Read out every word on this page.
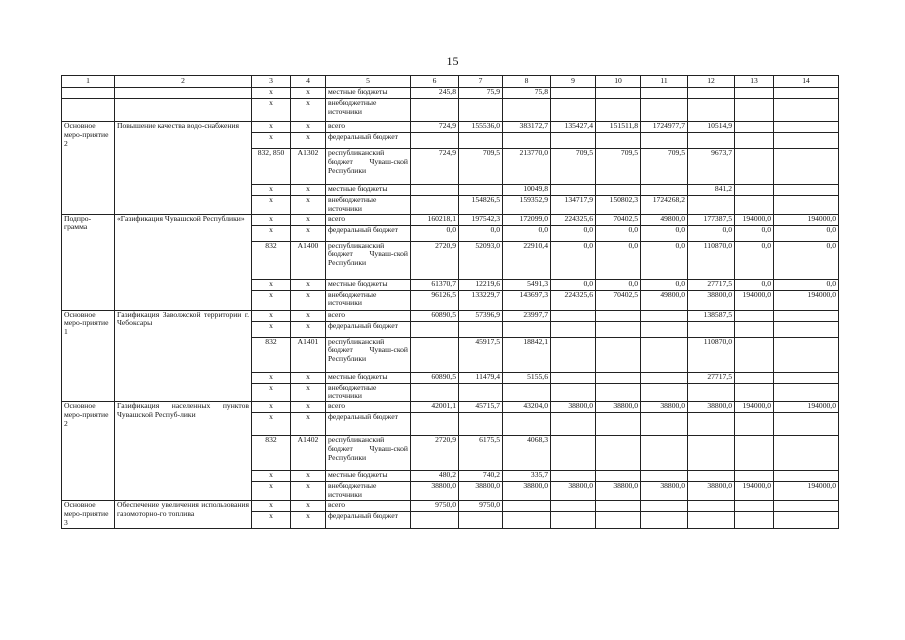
15
1	2	3	4	5	6	7	8	9	10	11	12	13	14
		x	x	местные бюджеты	245,8	75,9	75,8						
		x	x	внебюджетные источники									
Основное меро-приятие 2	Повышение качества водо-снабжения	x	x	всего	724,9	155536,0	383172,7	135427,4	151511,8	1724977,7	10514,9		
		x	x	федеральный бюджет									
		832, 850	А1302	республиканский бюджет Чуваш-ской Республики	724,9	709,5	213770,0	709,5	709,5	709,5	9673,7		
		x	x	местные бюджеты			10049,8				841,2		
		x	x	внебюджетные источники		154826,5	159352,9	134717,9	150802,3	1724268,2			
Подпро-грамма	«Газификация Чувашской Республики»	x	x	всего	160218,1	197542,3	172099,0	224325,6	70402,5	49800,0	177387,5	194000,0	194000,0
		x	x	федеральный бюджет	0,0	0,0	0,0	0,0	0,0	0,0	0,0	0,0	0,0
		832	А1400	республиканский бюджет Чуваш-ской Республики	2720,9	52093,0	22910,4	0,0	0,0	0,0	110870,0	0,0	0,0
		x	x	местные бюджеты	61370,7	12219,6	5491,3	0,0	0,0	0,0	27717,5	0,0	0,0
		x	x	внебюджетные источники	96126,5	133229,7	143697,3	224325,6	70402,5	49800,0	38800,0	194000,0	194000,0
Основное меро-приятие 1	Газификация Заволжской территории г. Чебоксары	x	x	всего	60890,5	57396,9	23997,7				138587,5		
		x	x	федеральный бюджет									
		832	А1401	республиканский бюджет Чуваш-ской Республики		45917,5	18842,1				110870,0		
		x	x	местные бюджеты	60890,5	11479,4	5155,6				27717,5		
		x	x	внебюджетные источники									
Основное меро-приятие 2	Газификация населенных пунктов Чувашской Респуб-лики	x	x	всего	42001,1	45715,7	43204,0	38800,0	38800,0	38800,0	38800,0	194000,0	194000,0
		x	x	федеральный бюджет									
		832	А1402	республиканский бюджет Чуваш-ской Республики	2720,9	6175,5	4068,3						
		x	x	местные бюджеты	480,2	740,2	335,7						
		x	x	внебюджетные источники	38800,0	38800,0	38800,0	38800,0	38800,0	38800,0	38800,0	194000,0	194000,0
Основное меро-приятие 3	Обеспечение увеличения использования газомоторно-го топлива	x	x	всего	9750,0	9750,0							
		x	x	федеральный бюджет									
